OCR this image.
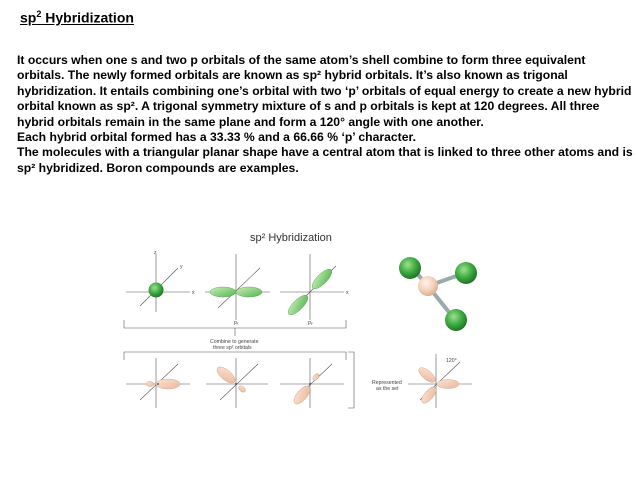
$sp^2$ Hybridization

It occurs when one s and two p orbitals of the same atom’s shell combine to form three equivalent orbitals. The newly formed orbitals are known as sp² hybrid orbitals. It’s also known as trigonal hybridization. It entails combining one’s orbital with two ‘p’ orbitals of equal energy to create a new hybrid orbital known as sp². A trigonal symmetry mixture of s and p orbitals is kept at 120 degrees. All three hybrid orbitals remain in the same plane and form a 120° angle with one another.

Each hybrid orbital formed has a 33.33 % and a 66.66 % ‘p’ character.

The molecules with a triangular planar shape have a central atom that is linked to three other atoms and is sp² hybridized. Boron compounds are examples.

sp² Hybridization
z
y
x
pₓ	pᵧ
x
Combine to generate
three sp² orbitals
Represented
as the set
120°
